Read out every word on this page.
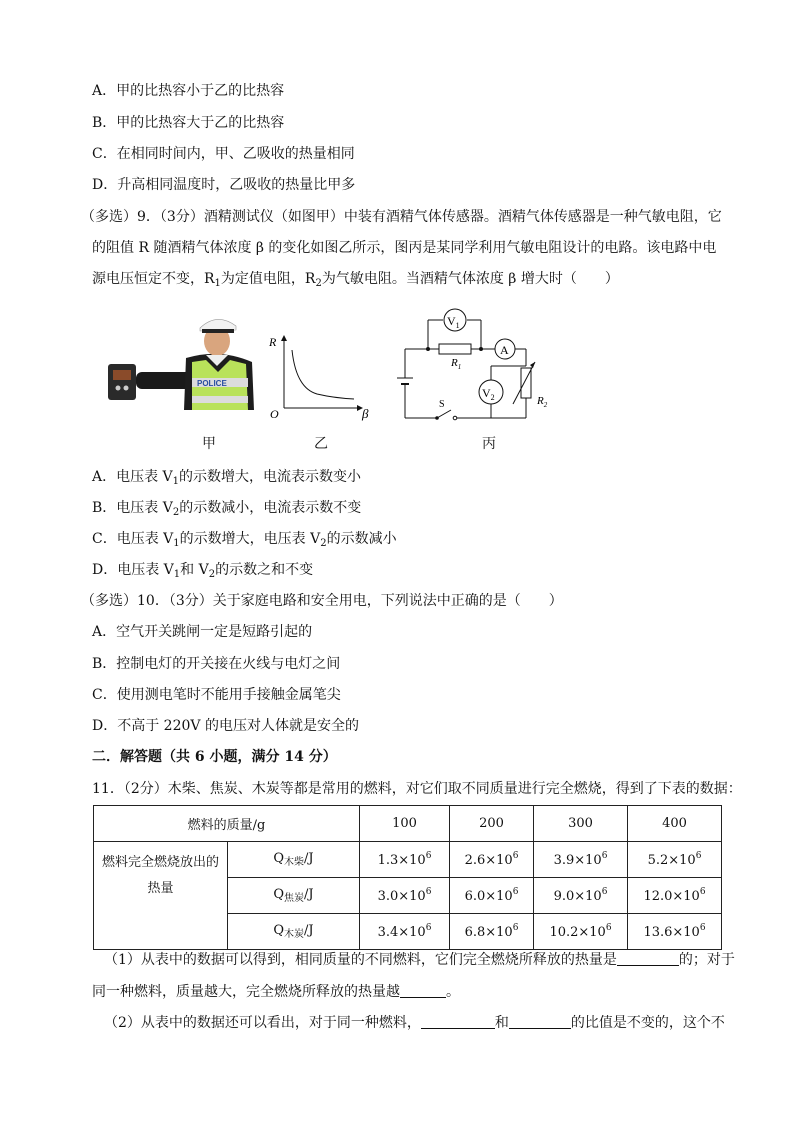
A．甲的比热容小于乙的比热容
B．甲的比热容大于乙的比热容
C．在相同时间内，甲、乙吸收的热量相同
D．升高相同温度时，乙吸收的热量比甲多
（多选）9．（3分）酒精测试仪（如图甲）中装有酒精气体传感器。酒精气体传感器是一种气敏电阻，它
的阻值 R 随酒精气体浓度 β 的变化如图乙所示，图丙是某同学利用气敏电阻设计的电路。该电路中电
源电压恒定不变，$R_1$为定值电阻，$R_2$为气敏电阻。当酒精气体浓度 β 增大时（　　）
POLICE
甲
R
O	β
乙
$V_1$
A
$V_2$
$R_1$
$R_2$
S
丙
A．电压表 $V_1$的示数增大，电流表示数变小
B．电压表 $V_2$的示数减小，电流表示数不变
C．电压表 $V_1$的示数增大，电压表 $V_2$的示数减小
D．电压表 $V_1$和 $V_2$的示数之和不变
（多选）10．（3分）关于家庭电路和安全用电，下列说法中正确的是（　　）
A．空气开关跳闸一定是短路引起的
B．控制电灯的开关接在火线与电灯之间
C．使用测电笔时不能用手接触金属笔尖
D．不高于 220V 的电压对人体就是安全的
二．解答题（共 6 小题，满分 14 分）
11．（2分）木柴、焦炭、木炭等都是常用的燃料，对它们取不同质量进行完全燃烧，得到了下表的数据：
燃料的质量/g		100	200	300	400

燃料完全燃烧放出的
热量	$Q_{木柴}/J$	$1.3\times 10^6$	$2.6\times 10^6$	$3.9\times 10^6$	$5.2\times 10^6$
	$Q_{焦炭}/J$	$3.0\times 10^6$	$6.0\times 10^6$	$9.0\times 10^6$	$12.0\times 10^6$
	$Q_{木炭}/J$	$3.4\times 10^6$	$6.8\times 10^6$	$10.2\times 10^6$	$13.6\times 10^6$
（1）从表中的数据可以得到，相同质量的不同燃料，它们完全燃烧所释放的热量是	的；对于
同一种燃料，质量越大，完全燃烧所释放的热量越	。
（2）从表中的数据还可以看出，对于同一种燃料，	和	的比值是不变的，这个不
